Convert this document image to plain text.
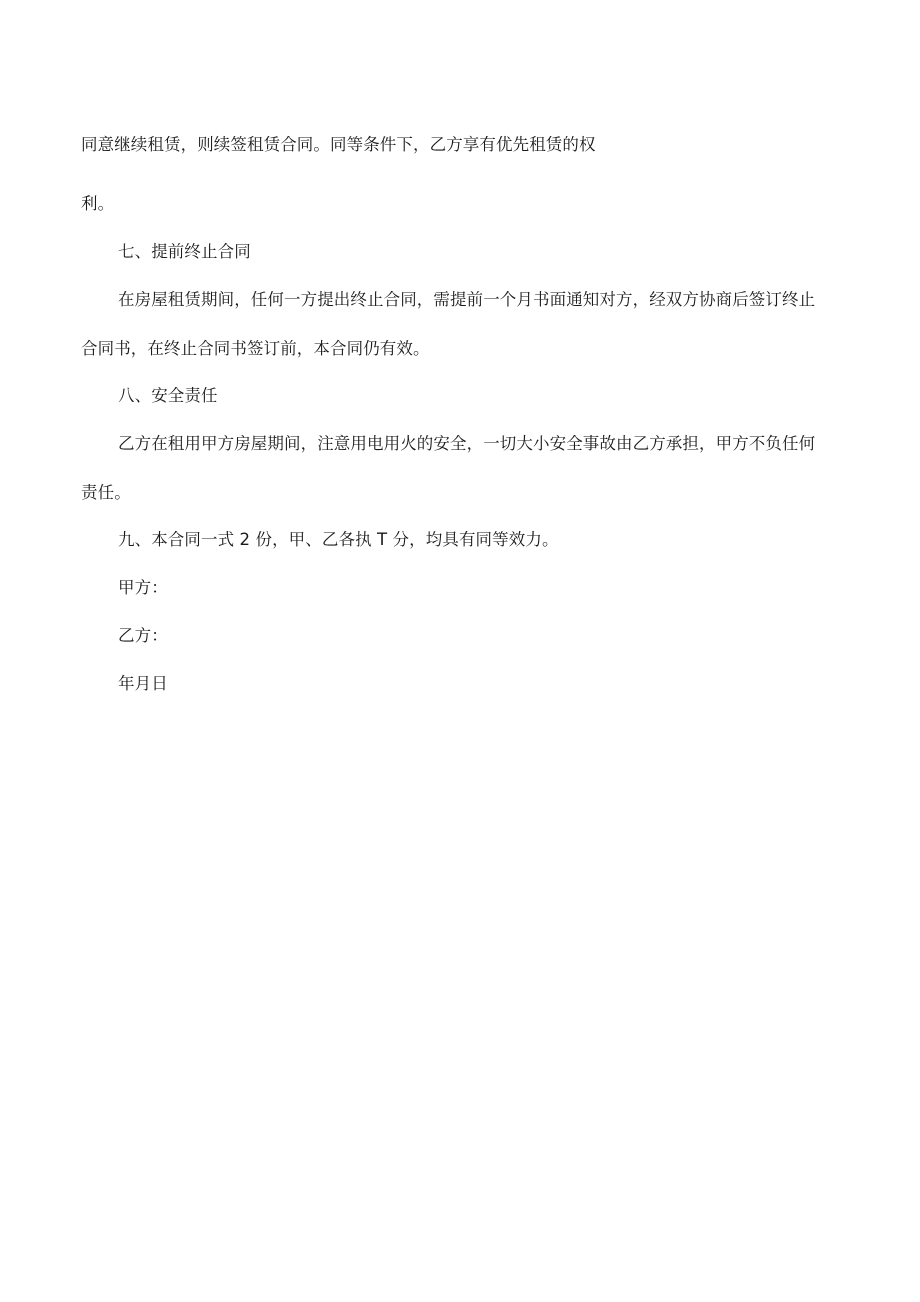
同意继续租赁，则续签租赁合同。同等条件下，乙方享有优先租赁的权
利。
七、提前终止合同
在房屋租赁期间，任何一方提出终止合同，需提前一个月书面通知对方，经双方协商后签订终止
合同书，在终止合同书签订前，本合同仍有效。
八、安全责任
乙方在租用甲方房屋期间，注意用电用火的安全，一切大小安全事故由乙方承担，甲方不负任何
责任。
九、本合同一式 2 份，甲、乙各执 T 分，均具有同等效力。
甲方：
乙方：
年月日
